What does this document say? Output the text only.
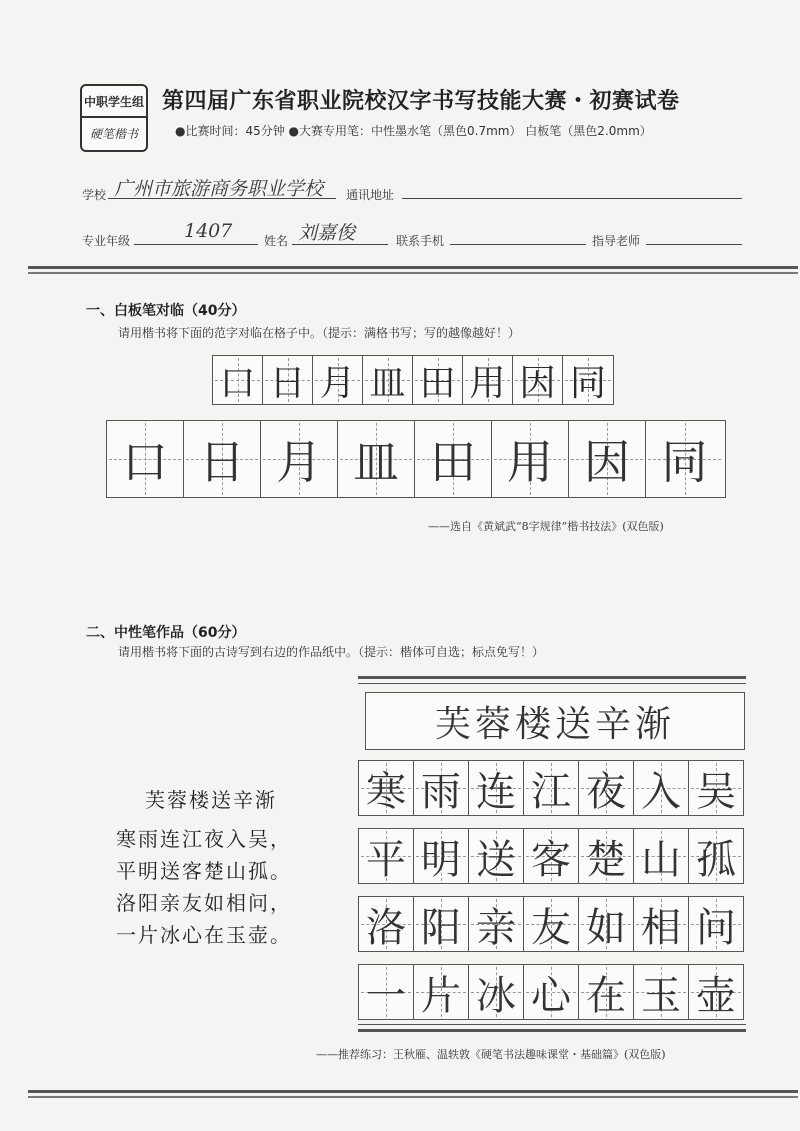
中职学生组
硬笔楷书
第四届广东省职业院校汉字书写技能大赛・初赛试卷
●比赛时间：45分钟 ●大赛专用笔：中性墨水笔（黑色0.7mm） 白板笔（黑色2.0mm）
学校 广州市旅游商务职业学校 通讯地址
专业年级	1407	姓名 刘嘉俊	联系手机	指导老师
一、白板笔对临（40分）
请用楷书将下面的范字对临在格子中。（提示：满格书写；写的越像越好！）
口 日 月 皿 田 用 因 同
口 日 月 皿 田 用 因 同
——选自《黄斌武“8字规律”楷书技法》(双色版)
二、中性笔作品（60分）
请用楷书将下面的古诗写到右边的作品纸中。（提示：楷体可自选；标点免写！）
芙蓉楼送辛渐
寒雨连江夜入吴，
平明送客楚山孤。
洛阳亲友如相问，
一片冰心在玉壶。
芙蓉楼送辛渐
寒 雨 连 江 夜 入 吴
平 明 送 客 楚 山 孤
洛 阳 亲 友 如 相 问
一 片 冰 心 在 玉 壶
——推荐练习：王秋雁、温轶敦《硬笔书法趣味课堂・基础篇》(双色版)
